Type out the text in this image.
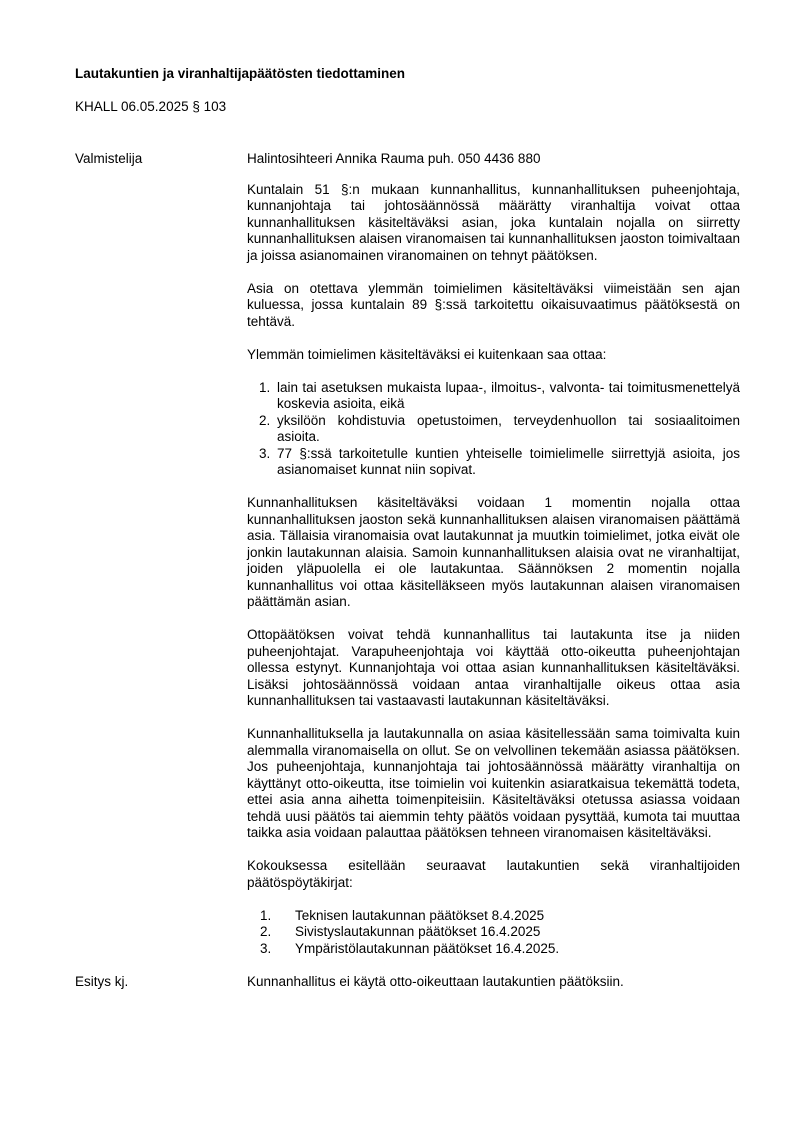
Lautakuntien ja viranhaltijapäätösten tiedottaminen
KHALL 06.05.2025 § 103
Valmistelija	Halintosihteeri Annika Rauma puh. 050 4436 880

Kuntalain 51 §:n mukaan kunnanhallitus, kunnanhallituksen puheenjohtaja, kunnanjohtaja tai johtosäännössä määrätty viranhaltija voivat ottaa kunnanhallituksen käsiteltäväksi asian, joka kuntalain nojalla on siirretty kunnanhallituksen alaisen viranomaisen tai kunnanhallituksen jaoston toimivaltaan ja joissa asianomainen viranomainen on tehnyt päätöksen.

Asia on otettava ylemmän toimielimen käsiteltäväksi viimeistään sen ajan kuluessa, jossa kuntalain 89 §:ssä tarkoitettu oikaisuvaatimus päätöksestä on tehtävä.

Ylemmän toimielimen käsiteltäväksi ei kuitenkaan saa ottaa:

lain tai asetuksen mukaista lupaa-, ilmoitus-, valvonta- tai toimitusmenettelyä koskevia asioita, eikä
yksilöön kohdistuvia opetustoimen, terveydenhuollon tai sosiaalitoimen asioita.
77 §:ssä tarkoitetulle kuntien yhteiselle toimielimelle siirrettyjä asioita, jos asianomaiset kunnat niin sopivat.

Kunnanhallituksen käsiteltäväksi voidaan 1 momentin nojalla ottaa kunnanhallituksen jaoston sekä kunnanhallituksen alaisen viranomaisen päättämä asia. Tällaisia viranomaisia ovat lautakunnat ja muutkin toimielimet, jotka eivät ole jonkin lautakunnan alaisia. Samoin kunnanhallituksen alaisia ovat ne viranhaltijat, joiden yläpuolella ei ole lautakuntaa. Säännöksen 2 momentin nojalla kunnanhallitus voi ottaa käsitelläkseen myös lautakunnan alaisen viranomaisen päättämän asian.

Ottopäätöksen voivat tehdä kunnanhallitus tai lautakunta itse ja niiden puheenjohtajat. Varapuheenjohtaja voi käyttää otto-oikeutta puheenjohtajan ollessa estynyt. Kunnanjohtaja voi ottaa asian kunnanhallituksen käsiteltäväksi. Lisäksi johtosäännössä voidaan antaa viranhaltijalle oikeus ottaa asia kunnanhallituksen tai vastaavasti lautakunnan käsiteltäväksi.

Kunnanhallituksella ja lautakunnalla on asiaa käsitellessään sama toimivalta kuin alemmalla viranomaisella on ollut. Se on velvollinen tekemään asiassa päätöksen. Jos puheenjohtaja, kunnanjohtaja tai johtosäännössä määrätty viranhaltija on käyttänyt otto-oikeutta, itse toimielin voi kuitenkin asiaratkaisua tekemättä todeta, ettei asia anna aihetta toimenpiteisiin. Käsiteltäväksi otetussa asiassa voidaan tehdä uusi päätös tai aiemmin tehty päätös voidaan pysyttää, kumota tai muuttaa taikka asia voidaan palauttaa päätöksen tehneen viranomaisen käsiteltäväksi.

Kokouksessa esitellään seuraavat lautakuntien sekä viranhaltijoiden päätöspöytäkirjat:

Teknisen lautakunnan päätökset 8.4.2025
Sivistyslautakunnan päätökset 16.4.2025
Ympäristölautakunnan päätökset 16.4.2025.
Esitys kj.	Kunnanhallitus ei käytä otto-oikeuttaan lautakuntien päätöksiin.
